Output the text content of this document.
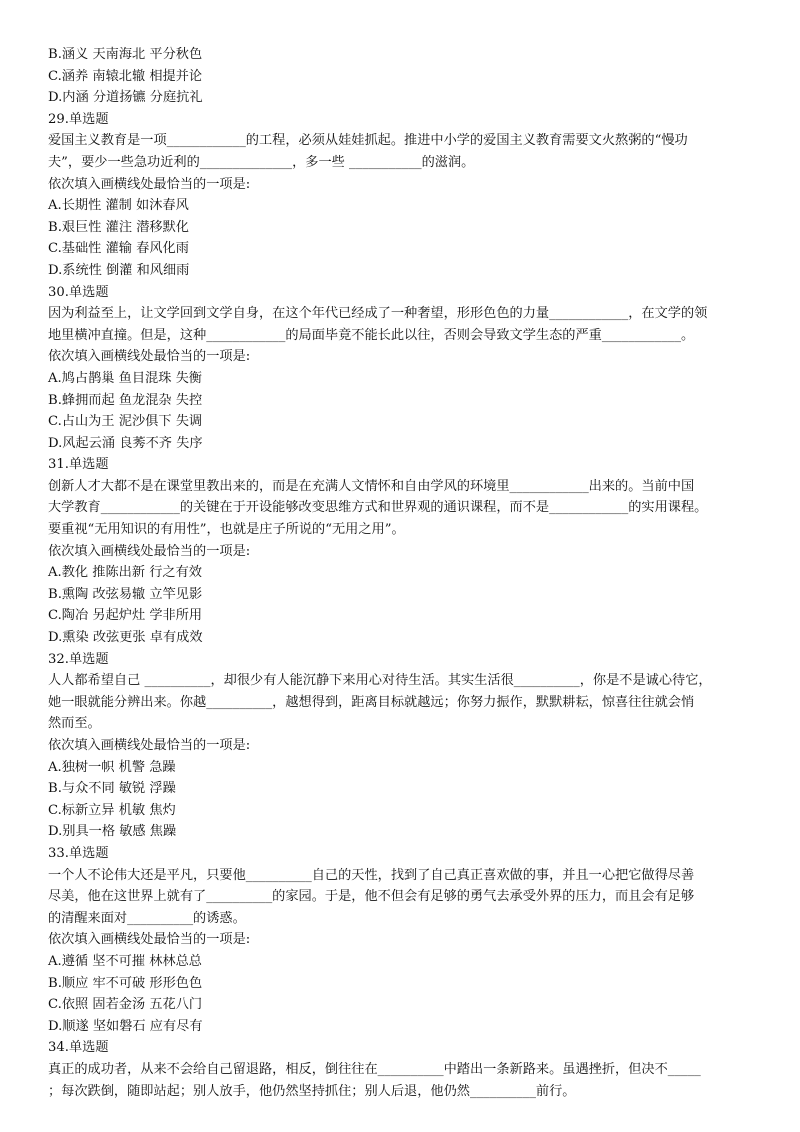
B.涵义 天南海北 平分秋色

C.涵养 南辕北辙 相提并论

D.内涵 分道扬镳 分庭抗礼

29.单选题

爱国主义教育是一项____________的工程，必须从娃娃抓起。推进中小学的爱国主义教育需要文火熬粥的“慢功

夫”，要少一些急功近利的______________，多一些 ___________的滋润。

依次填入画横线处最恰当的一项是:

A.长期性 灌制 如沐春风

B.艰巨性 灌注 潜移默化

C.基础性 灌输 春风化雨

D.系统性 倒灌 和风细雨

30.单选题

因为利益至上，让文学回到文学自身，在这个年代已经成了一种奢望，形形色色的力量____________，在文学的领

地里横冲直撞。但是，这种____________的局面毕竟不能长此以往，否则会导致文学生态的严重____________。

依次填入画横线处最恰当的一项是:

A.鸠占鹊巢 鱼目混珠 失衡

B.蜂拥而起 鱼龙混杂 失控

C.占山为王 泥沙俱下 失调

D.风起云涌 良莠不齐 失序

31.单选题

创新人才大都不是在课堂里教出来的，而是在充满人文情怀和自由学风的环境里____________出来的。当前中国

大学教育____________的关键在于开设能够改变思维方式和世界观的通识课程，而不是____________的实用课程。

要重视“无用知识的有用性”，也就是庄子所说的“无用之用”。

依次填入画横线处最恰当的一项是:

A.教化 推陈出新 行之有效

B.熏陶 改弦易辙 立竿见影

C.陶冶 另起炉灶 学非所用

D.熏染 改弦更张 卓有成效

32.单选题

人人都希望自己 __________，却很少有人能沉静下来用心对待生活。其实生活很__________，你是不是诚心待它，

她一眼就能分辨出来。你越__________，越想得到，距离目标就越远；你努力振作，默默耕耘，惊喜往往就会悄

然而至。

依次填入画横线处最恰当的一项是:

A.独树一帜 机警 急躁

B.与众不同 敏锐 浮躁

C.标新立异 机敏 焦灼

D.别具一格 敏感 焦躁

33.单选题

一个人不论伟大还是平凡，只要他__________自己的天性，找到了自己真正喜欢做的事，并且一心把它做得尽善

尽美，他在这世界上就有了__________的家园。于是，他不但会有足够的勇气去承受外界的压力，而且会有足够

的清醒来面对__________的诱惑。

依次填入画横线处最恰当的一项是:

A.遵循 坚不可摧 林林总总

B.顺应 牢不可破 形形色色

C.依照 固若金汤 五花八门

D.顺遂 坚如磐石 应有尽有

34.单选题

真正的成功者，从来不会给自己留退路，相反，倒往往在__________中踏出一条新路来。虽遇挫折，但决不_____

；每次跌倒，随即站起；别人放手，他仍然坚持抓住；别人后退，他仍然__________前行。
